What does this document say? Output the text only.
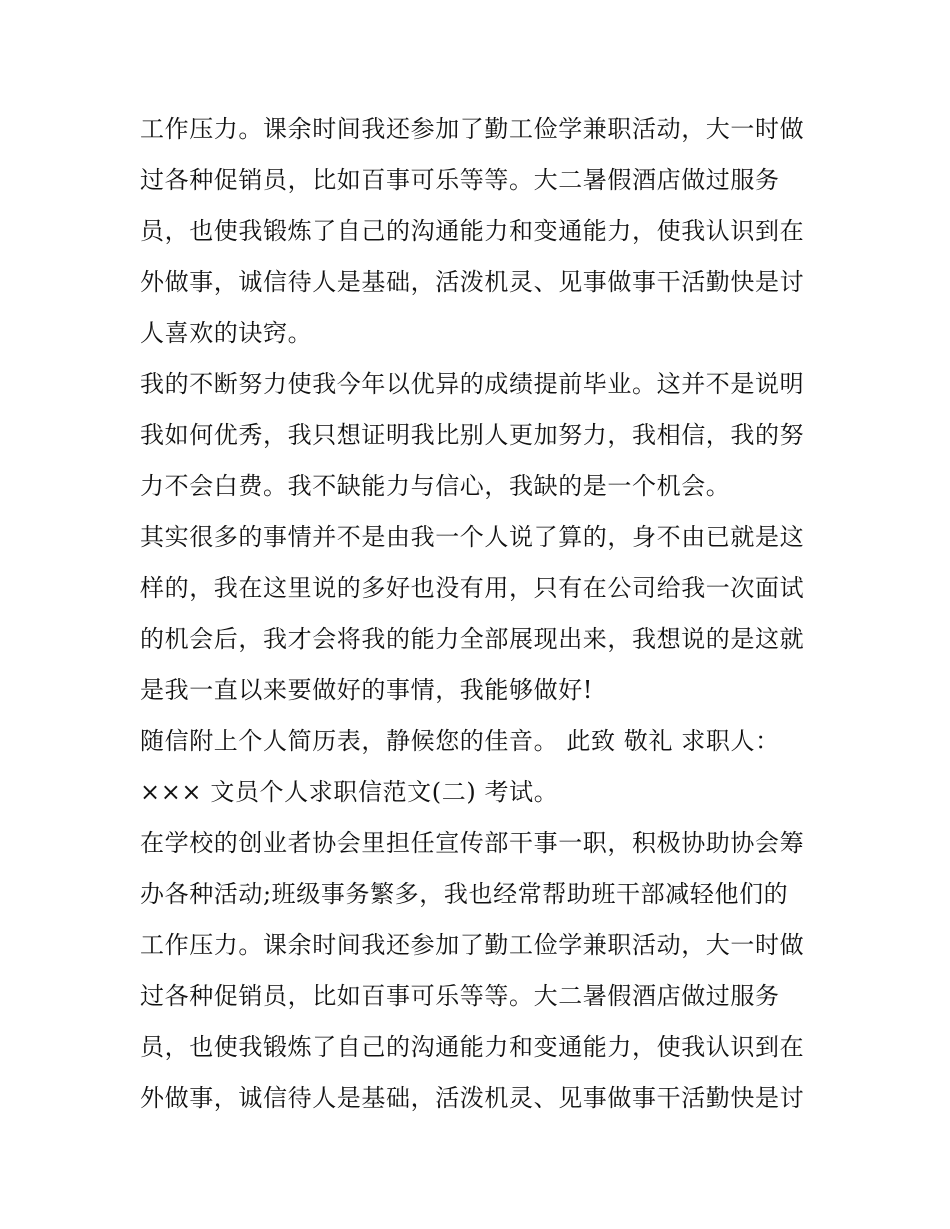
工作压力。课余时间我还参加了勤工俭学兼职活动，大一时做
过各种促销员，比如百事可乐等等。大二暑假酒店做过服务
员，也使我锻炼了自己的沟通能力和变通能力，使我认识到在
外做事，诚信待人是基础，活泼机灵、见事做事干活勤快是讨
人喜欢的诀窍。
我的不断努力使我今年以优异的成绩提前毕业。这并不是说明
我如何优秀，我只想证明我比别人更加努力，我相信，我的努
力不会白费。我不缺能力与信心，我缺的是一个机会。
其实很多的事情并不是由我一个人说了算的，身不由已就是这
样的，我在这里说的多好也没有用，只有在公司给我一次面试
的机会后，我才会将我的能力全部展现出来，我想说的是这就
是我一直以来要做好的事情，我能够做好!
随信附上个人简历表，静候您的佳音。 此致 敬礼 求职人：
××× 文员个人求职信范文(二) 考试。
在学校的创业者协会里担任宣传部干事一职，积极协助协会筹
办各种活动;班级事务繁多，我也经常帮助班干部减轻他们的
工作压力。课余时间我还参加了勤工俭学兼职活动，大一时做
过各种促销员，比如百事可乐等等。大二暑假酒店做过服务
员，也使我锻炼了自己的沟通能力和变通能力，使我认识到在
外做事，诚信待人是基础，活泼机灵、见事做事干活勤快是讨
